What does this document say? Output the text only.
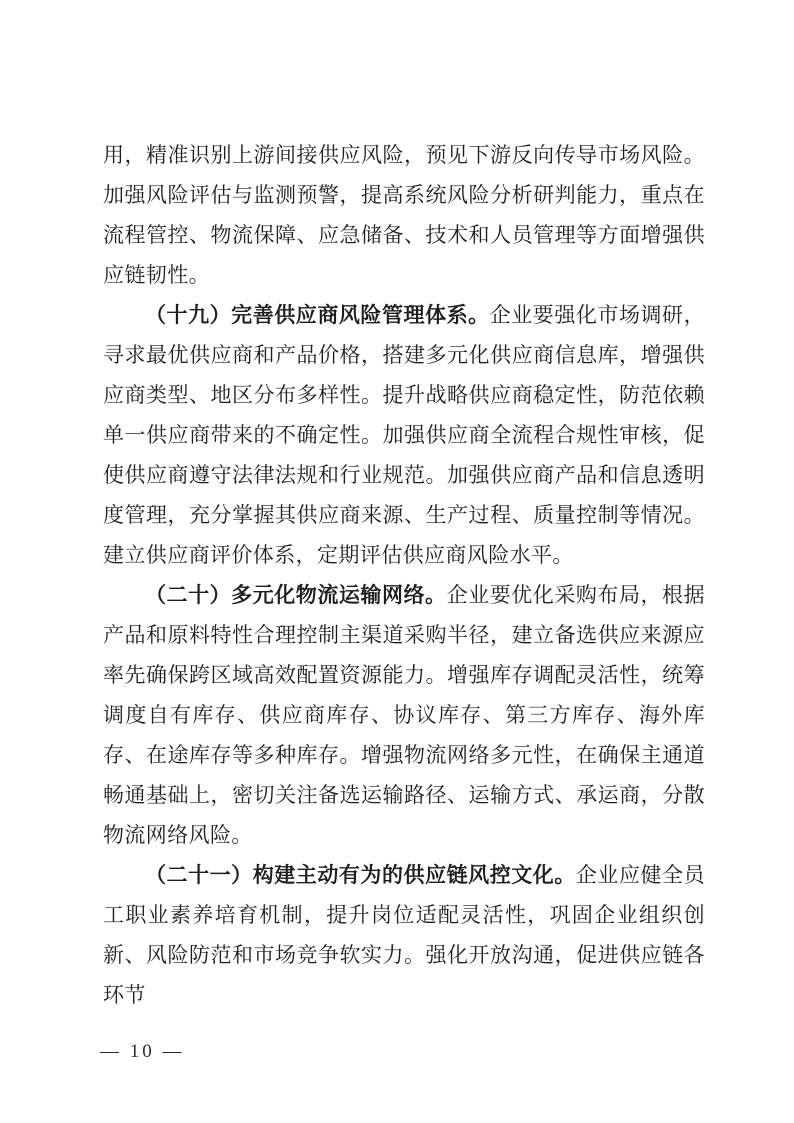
用，精准识别上游间接供应风险，预见下游反向传导市场风险。加强风险评估与监测预警，提高系统风险分析研判能力，重点在流程管控、物流保障、应急储备、技术和人员管理等方面增强供应链韧性。

（十九）完善供应商风险管理体系。企业要强化市场调研，寻求最优供应商和产品价格，搭建多元化供应商信息库，增强供应商类型、地区分布多样性。提升战略供应商稳定性，防范依赖单一供应商带来的不确定性。加强供应商全流程合规性审核，促使供应商遵守法律法规和行业规范。加强供应商产品和信息透明度管理，充分掌握其供应商来源、生产过程、质量控制等情况。建立供应商评价体系，定期评估供应商风险水平。

（二十）多元化物流运输网络。企业要优化采购布局，根据产品和原料特性合理控制主渠道采购半径，建立备选供应来源应率先确保跨区域高效配置资源能力。增强库存调配灵活性，统筹调度自有库存、供应商库存、协议库存、第三方库存、海外库存、在途库存等多种库存。增强物流网络多元性，在确保主通道畅通基础上，密切关注备选运输路径、运输方式、承运商，分散物流网络风险。

（二十一）构建主动有为的供应链风控文化。企业应健全员工职业素养培育机制，提升岗位适配灵活性，巩固企业组织创新、风险防范和市场竞争软实力。强化开放沟通，促进供应链各环节

— 10 —
